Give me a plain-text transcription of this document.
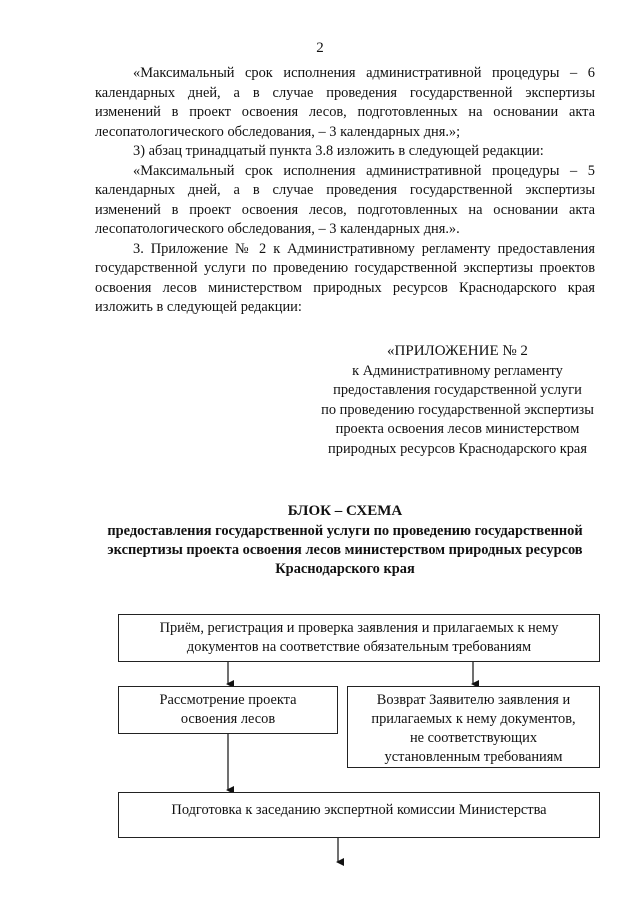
2

«Максимальный срок исполнения административной процедуры – 6 календарных дней, а в случае проведения государственной экспертизы изменений в проект освоения лесов, подготовленных на основании акта лесопатологического обследования, – 3 календарных дня.»;

3) абзац тринадцатый пункта 3.8 изложить в следующей редакции:

«Максимальный срок исполнения административной процедуры – 5 календарных дней, а в случае проведения государственной экспертизы изменений в проект освоения лесов, подготовленных на основании акта лесопатологического обследования, – 3 календарных дня.».

3. Приложение № 2 к Административному регламенту предоставления государственной услуги по проведению государственной экспертизы проектов освоения лесов министерством природных ресурсов Краснодарского края изложить в следующей редакции:

«ПРИЛОЖЕНИЕ № 2
к Административному регламенту
предоставления государственной услуги
по проведению государственной экспертизы
проекта освоения лесов министерством
природных ресурсов Краснодарского края
БЛОК – СХЕМА
предоставления государственной услуги по проведению государственной
экспертизы проекта освоения лесов министерством природных ресурсов
Краснодарского края
Приём, регистрация и проверка заявления и прилагаемых к нему
документов на соответствие обязательным требованиям
Рассмотрение проекта
освоения лесов
Возврат Заявителю заявления и
прилагаемых к нему документов,
не соответствующих
установленным требованиям
Подготовка к заседанию экспертной комиссии Министерства
